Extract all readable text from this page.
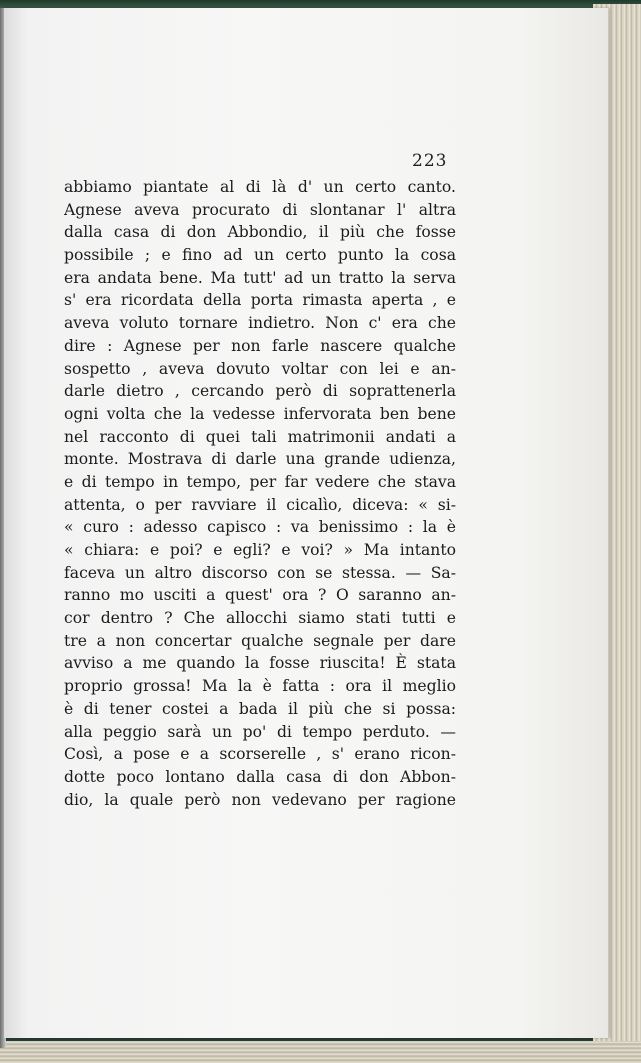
223

abbiamo piantate al di là d' un certo canto.
Agnese aveva procurato di slontanar l' altra
dalla casa di don Abbondio, il più che fosse
possibile ; e fino ad un certo punto la cosa
era andata bene. Ma tutt' ad un tratto la serva
s' era ricordata della porta rimasta aperta , e
aveva voluto tornare indietro. Non c' era che
dire : Agnese per non farle nascere qualche
sospetto , aveva dovuto voltar con lei e an-
darle dietro , cercando però di soprattenerla
ogni volta che la vedesse infervorata ben bene
nel racconto di quei tali matrimonii andati a
monte. Mostrava di darle una grande udienza,
e di tempo in tempo, per far vedere che stava
attenta, o per ravviare il cicalìo, diceva: « si-
« curo : adesso capisco : va benissimo : la è
« chiara: e poi? e egli? e voi? » Ma intanto
faceva un altro discorso con se stessa. — Sa-
ranno mo usciti a quest' ora ? O saranno an-
cor dentro ? Che allocchi siamo stati tutti e
tre a non concertar qualche segnale per dare
avviso a me quando la fosse riuscita! È stata
proprio grossa! Ma la è fatta : ora il meglio
è di tener costei a bada il più che si possa:
alla peggio sarà un po' di tempo perduto. —
Così, a pose e a scorserelle , s' erano ricon-
dotte poco lontano dalla casa di don Abbon-
dio, la quale però non vedevano per ragione
